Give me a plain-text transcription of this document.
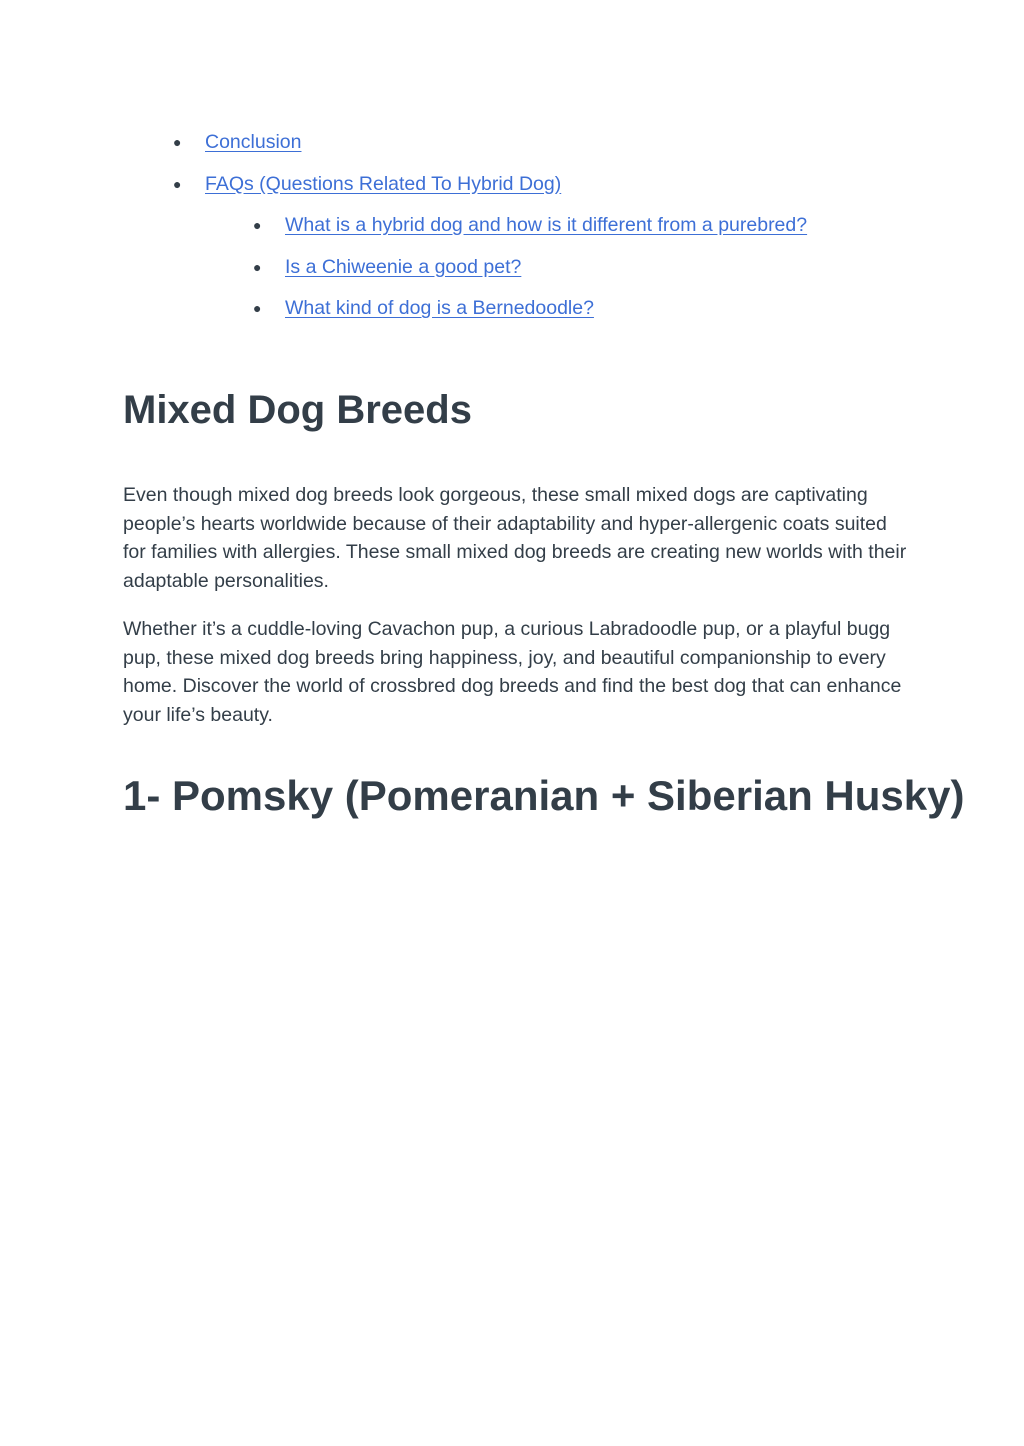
● Conclusion
● FAQs (Questions Related To Hybrid Dog)
● What is a hybrid dog and how is it different from a purebred?
● Is a Chiweenie a good pet?
● What kind of dog is a Bernedoodle?
Mixed Dog Breeds

Even though mixed dog breeds look gorgeous, these small mixed dogs are captivating people’s hearts worldwide because of their adaptability and hyper-allergenic coats suited for families with allergies. These small mixed dog breeds are creating new worlds with their adaptable personalities.

Whether it’s a cuddle-loving Cavachon pup, a curious Labradoodle pup, or a playful bugg pup, these mixed dog breeds bring happiness, joy, and beautiful companionship to every home. Discover the world of crossbred dog breeds and find the best dog that can enhance your life’s beauty.

1- Pomsky (Pomeranian + Siberian Husky)
